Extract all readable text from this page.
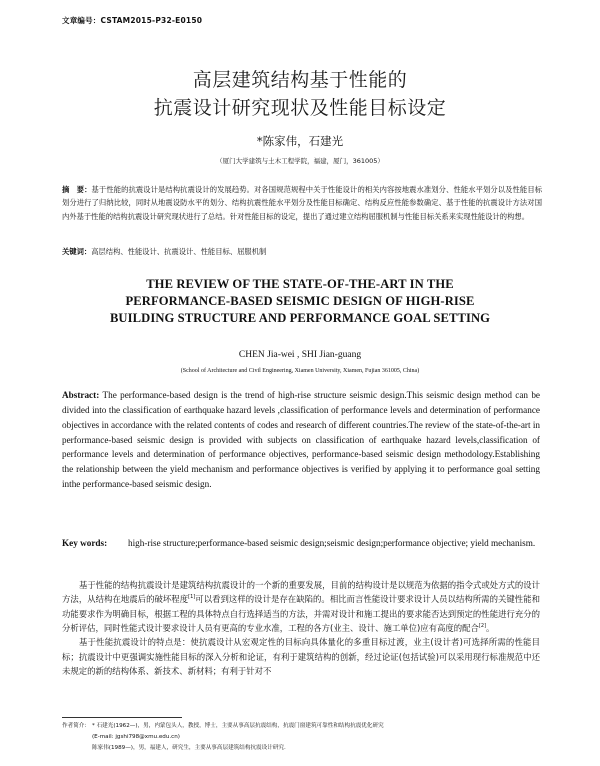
文章编号：CSTAM2015-P32-E0150
高层建筑结构基于性能的
抗震设计研究现状及性能目标设定
*陈家伟，石建光
（厦门大学建筑与土木工程学院，福建，厦门，361005）
摘　要：基于性能的抗震设计是结构抗震设计的发展趋势。对各国规范规程中关于性能设计的相关内容按地震水准划分、性能水平划分以及性能目标划分进行了归纳比较，同时从地震设防水平的划分、结构抗震性能水平划分及性能目标确定、结构反应性能参数确定、基于性能的抗震设计方法对国内外基于性能的结构抗震设计研究现状进行了总结。针对性能目标的设定，提出了通过建立结构屈服机制与性能目标关系来实现性能设计的构想。
关键词：高层结构、性能设计、抗震设计、性能目标、屈服机制
THE REVIEW OF THE STATE-OF-THE-ART IN THE
PERFORMANCE-BASED SEISMIC DESIGN OF HIGH-RISE
BUILDING STRUCTURE AND PERFORMANCE GOAL SETTING
CHEN Jia-wei , SHI Jian-guang
(School of Architecture and Civil Engineering, Xiamen University, Xiamen, Fujian 361005, China)
Abstract: The performance-based design is the trend of high-rise structure seismic design.This seismic design method can be divided into the classification of earthquake hazard levels ,classification of performance levels and determination of performance objectives in accordance with the related contents of codes and research of different countries.The review of the state-of-the-art in performance-based seismic design is provided with subjects on classification of earthquake hazard levels,classification of performance levels and determination of performance objectives, performance-based seismic design methodology.Establishing the relationship between the yield mechanism and performance objectives is verified by applying it to performance goal setting inthe performance-based seismic design.
Key words:	high-rise structure;performance-based seismic design;seismic design;performance objective; yield mechanism.

基于性能的结构抗震设计是建筑结构抗震设计的一个新的重要发展，目前的结构设计是以规范为依据的指令式或处方式的设计方法，从结构在地震后的破坏程度[1]可以看到这样的设计是存在缺陷的。相比而言性能设计要求设计人员以结构所需的关键性能和功能要求作为明确目标，根据工程的具体特点自行选择适当的方法，并需对设计和施工提出的要求能否达到预定的性能进行充分的分析评估，同时性能式设计要求设计人员有更高的专业水准，工程的各方(业主、设计、施工单位)应有高度的配合[2]。

基于性能抗震设计的特点是：使抗震设计从宏观定性的目标向具体量化的多重目标过渡，业主(设计者)可选择所需的性能目标；抗震设计中更强调实施性能目标的深入分析和论证，有利于建筑结构的创新，经过论证(包括试验)可以采用现行标准规范中还未规定的新的结构体系、新技术、新材料；有利于针对不

作者简介： * 石建光(1962—)，男，内蒙包头人，教授，博士，主要从事高层抗震结构，抗震门窗建筑可靠性和结构抗震优化研究
(E-mail: jgshi798@xmu.edu.cn)
陈家伟(1989—)，男，福建人，研究生，主要从事高层建筑结构抗震设计研究.
